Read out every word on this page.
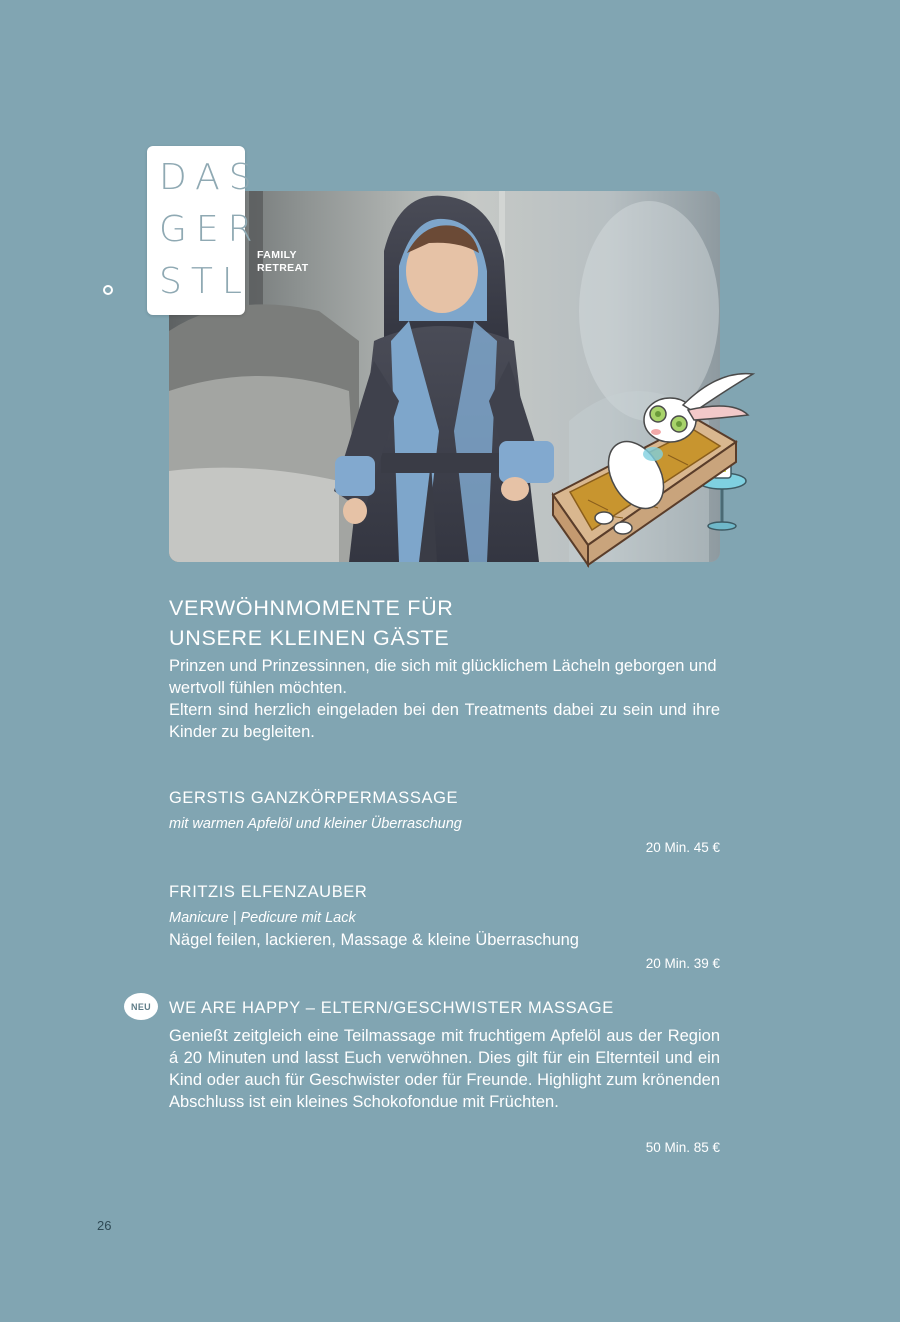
DAS
GER
STL
FAMILY
RETREAT
VERWÖHNMOMENTE FÜR
UNSERE KLEINEN GÄSTE

Prinzen und Prinzessinnen, die sich mit glücklichem Lächeln geborgen und wertvoll fühlen möchten.

Eltern sind herzlich eingeladen bei den Treatments dabei zu sein und ihre Kinder zu begleiten.

GERSTIS GANZKÖRPERMASSAGE
mit warmen Apfelöl und kleiner Überraschung
20 Min. 45 €
FRITZIS ELFENZAUBER
Manicure | Pedicure mit Lack
Nägel feilen, lackieren, Massage & kleine Überraschung
20 Min. 39 €
NEU	WE ARE HAPPY – ELTERN/GESCHWISTER MASSAGE
Genießt zeitgleich eine Teilmassage mit fruchtigem Apfelöl aus der Region á 20 Minuten und lasst Euch verwöhnen. Dies gilt für ein Elternteil und ein Kind oder auch für Geschwister oder für Freunde. Highlight zum krönenden Abschluss ist ein kleines Schokofondue mit Früchten.
50 Min. 85 €
26
